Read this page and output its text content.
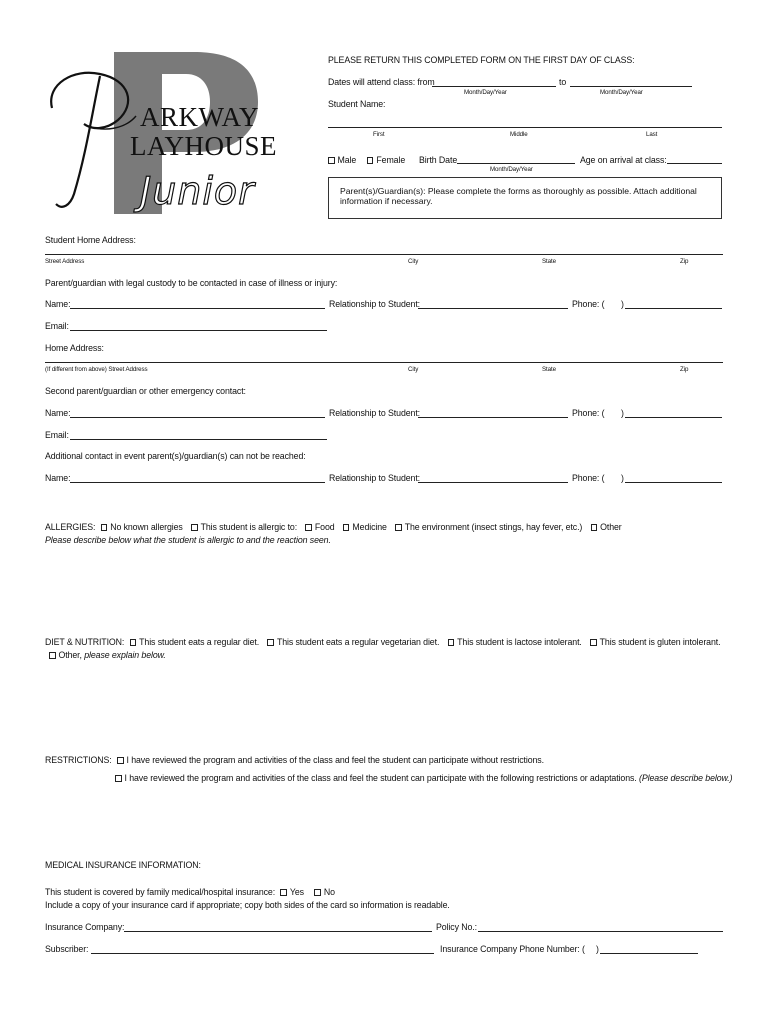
ARKWAY
LAYHOUSE
Junior
PLEASE RETURN THIS COMPLETED FORM ON THE FIRST DAY OF CLASS:
Dates will attend class: from	to
Month/Day/Year	Month/Day/Year
Student Name:
First	Middle	Last
Male Female Birth Date
Month/Day/Year
Age on arrival at class:
Parent(s)/Guardian(s): Please complete the forms as thoroughly as possible. Attach additional information if necessary.
Student Home Address:
Street Address	City	State	Zip
Parent/guardian with legal custody to be contacted in case of illness or injury:
Name:	Relationship to Student:	Phone: ( )
Email:
Home Address:
(If different from above) Street Address	City	State	Zip
Second parent/guardian or other emergency contact:
Name:	Relationship to Student:	Phone: ( )
Email:
Additional contact in event parent(s)/guardian(s) can not be reached:
Name:	Relationship to Student:	Phone: ( )
ALLERGIES: No known allergies This student is allergic to: Food Medicine The environment (insect stings, hay fever, etc.) Other
Please describe below what the student is allergic to and the reaction seen.
DIET & NUTRITION: This student eats a regular diet. This student eats a regular vegetarian diet. This student is lactose intolerant. This student is gluten intolerant.
Other, please explain below.
RESTRICTIONS: I have reviewed the program and activities of the class and feel the student can participate without restrictions.
I have reviewed the program and activities of the class and feel the student can participate with the following restrictions or adaptations. (Please describe below.)
MEDICAL INSURANCE INFORMATION:
This student is covered by family medical/hospital insurance: Yes No
Include a copy of your insurance card if appropriate; copy both sides of the card so information is readable.
Insurance Company:	Policy No.:
Subscriber:	Insurance Company Phone Number: ( )
